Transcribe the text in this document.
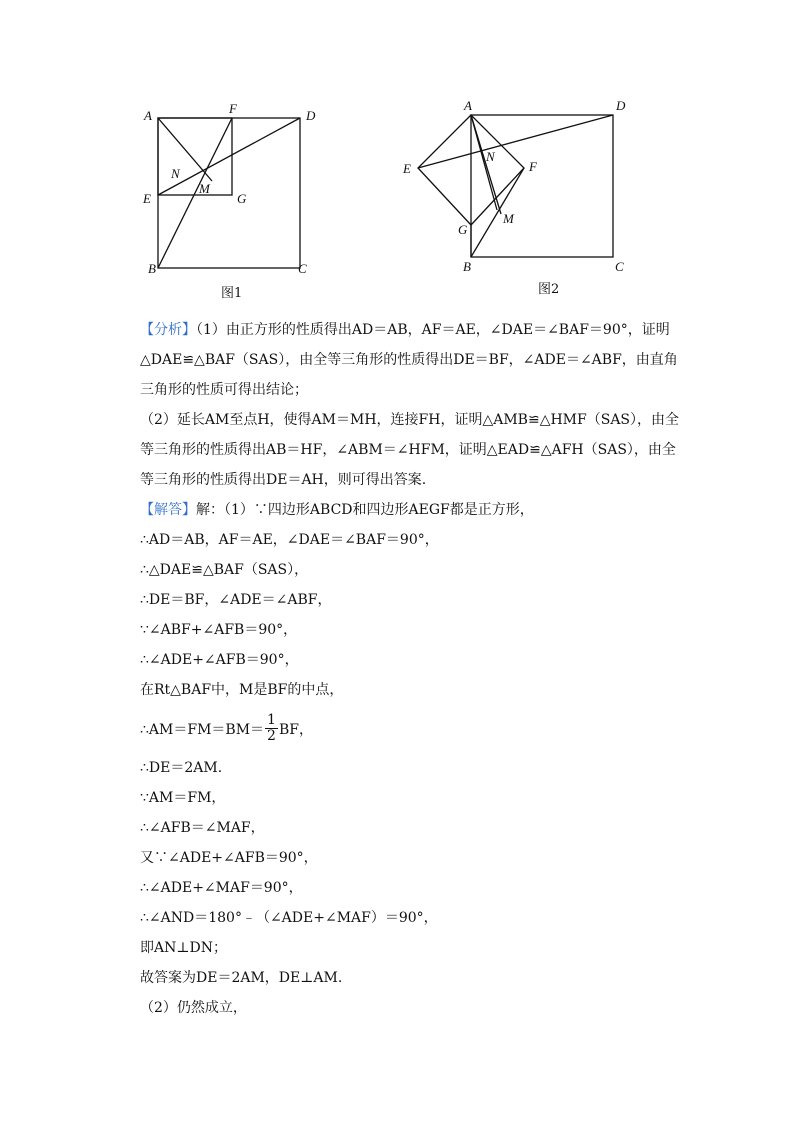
A	F	D
N
M
E	G
B	C
图1
A	D
N
E	F
M
G
B	C
图2
【分析】（1）由正方形的性质得出AD＝AB，AF＝AE，∠DAE＝∠BAF＝90°，证明△DAE≌△BAF（SAS），由全等三角形的性质得出DE＝BF，∠ADE＝∠ABF，由直角三角形的性质可得出结论；
（2）延长AM至点H，使得AM＝MH，连接FH，证明△AMB≌△HMF（SAS），由全等三角形的性质得出AB＝HF，∠ABM＝∠HFM，证明△EAD≌△AFH（SAS），由全等三角形的性质得出DE＝AH，则可得出答案.
【解答】解：（1）∵四边形ABCD和四边形AEGF都是正方形，
∴AD＝AB，AF＝AE，∠DAE＝∠BAF＝90°，
∴△DAE≌△BAF（SAS），
∴DE＝BF，∠ADE＝∠ABF，
∵∠ABF+∠AFB＝90°，
∴∠ADE+∠AFB＝90°，
在Rt△BAF中，M是BF的中点，
∴AM＝FM＝BM＝ $\frac{1}{2}$ BF，
∴DE＝2AM.
∵AM＝FM，
∴∠AFB＝∠MAF，
又∵∠ADE+∠AFB＝90°，
∴∠ADE+∠MAF＝90°，
∴∠AND＝180°﹣（∠ADE+∠MAF）＝90°，
即AN⊥DN；
故答案为DE＝2AM，DE⊥AM.
（2）仍然成立，
